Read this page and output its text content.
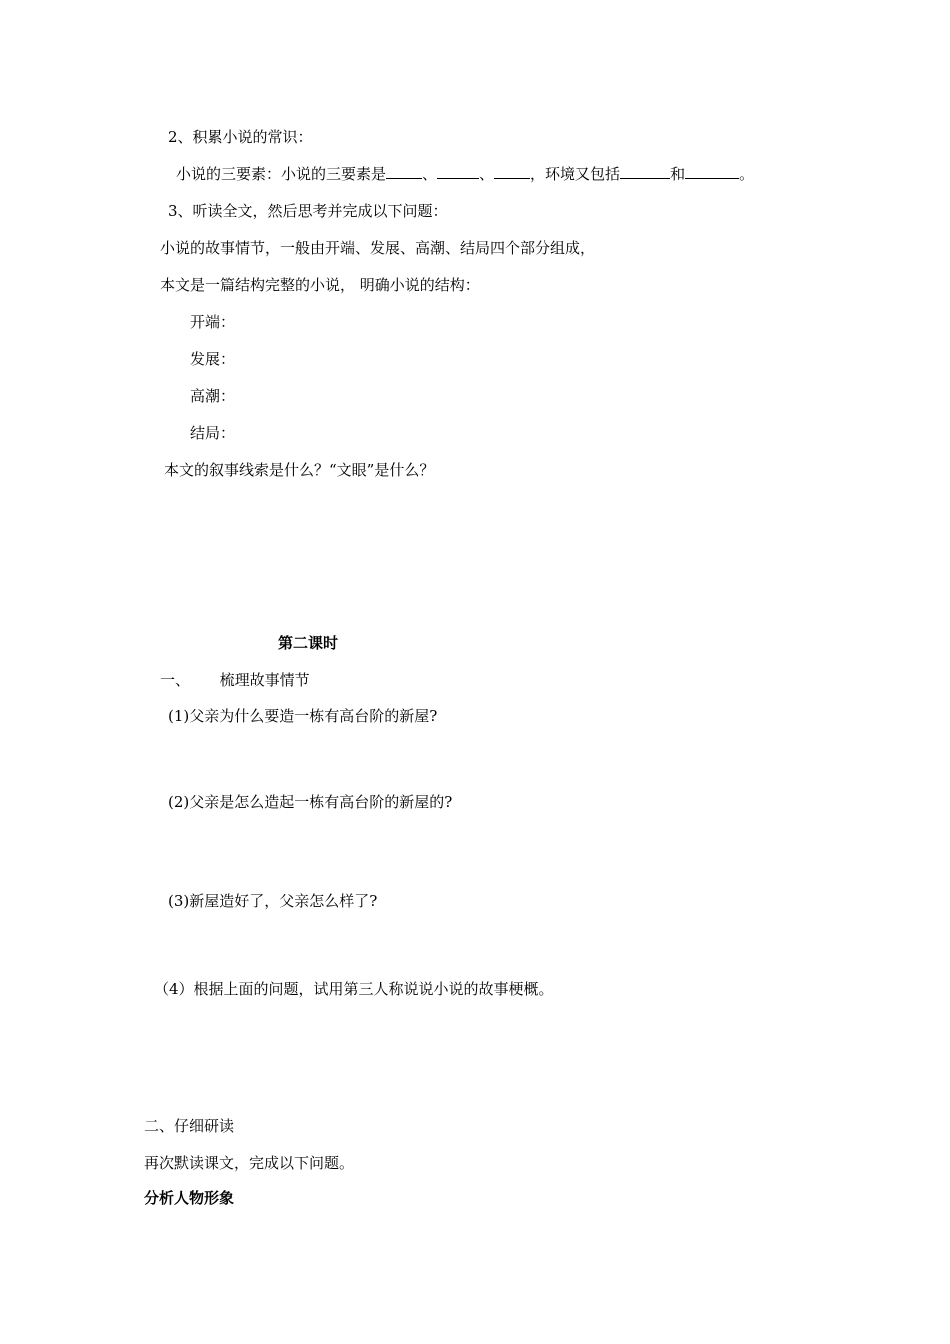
2、积累小说的常识：
小说的三要素：小说的三要素是 、	、 ，环境又包括	和	。
3、听读全文，然后思考并完成以下问题：
小说的故事情节，一般由开端、发展、高潮、结局四个部分组成，
本文是一篇结构完整的小说， 明确小说的结构：
开端：
发展：
高潮：
结局：
本文的叙事线索是什么？“文眼”是什么？
第二课时
一、 梳理故事情节
(1)父亲为什么要造一栋有高台阶的新屋?
(2)父亲是怎么造起一栋有高台阶的新屋的?
(3)新屋造好了，父亲怎么样了?
（4）根据上面的问题，试用第三人称说说小说的故事梗概。
二、仔细研读
再次默读课文，完成以下问题。
分析人物形象
